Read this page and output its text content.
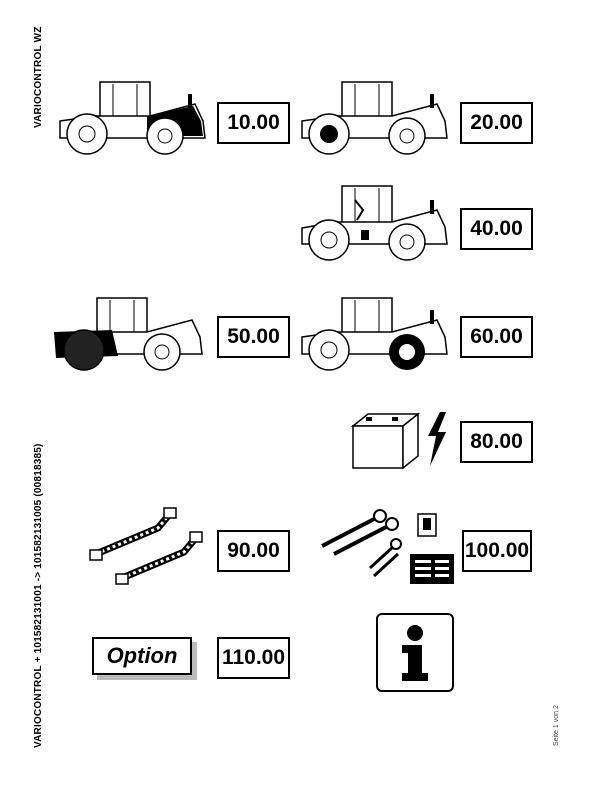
VARIOCONTROL WZ
VARIOCONTROL + 101582131001 -> 101582131005 (00818385)	Seite 1 von 2
10.00	20.00
40.00
50.00	60.00
80.00
90.00	100.00
Option	110.00
